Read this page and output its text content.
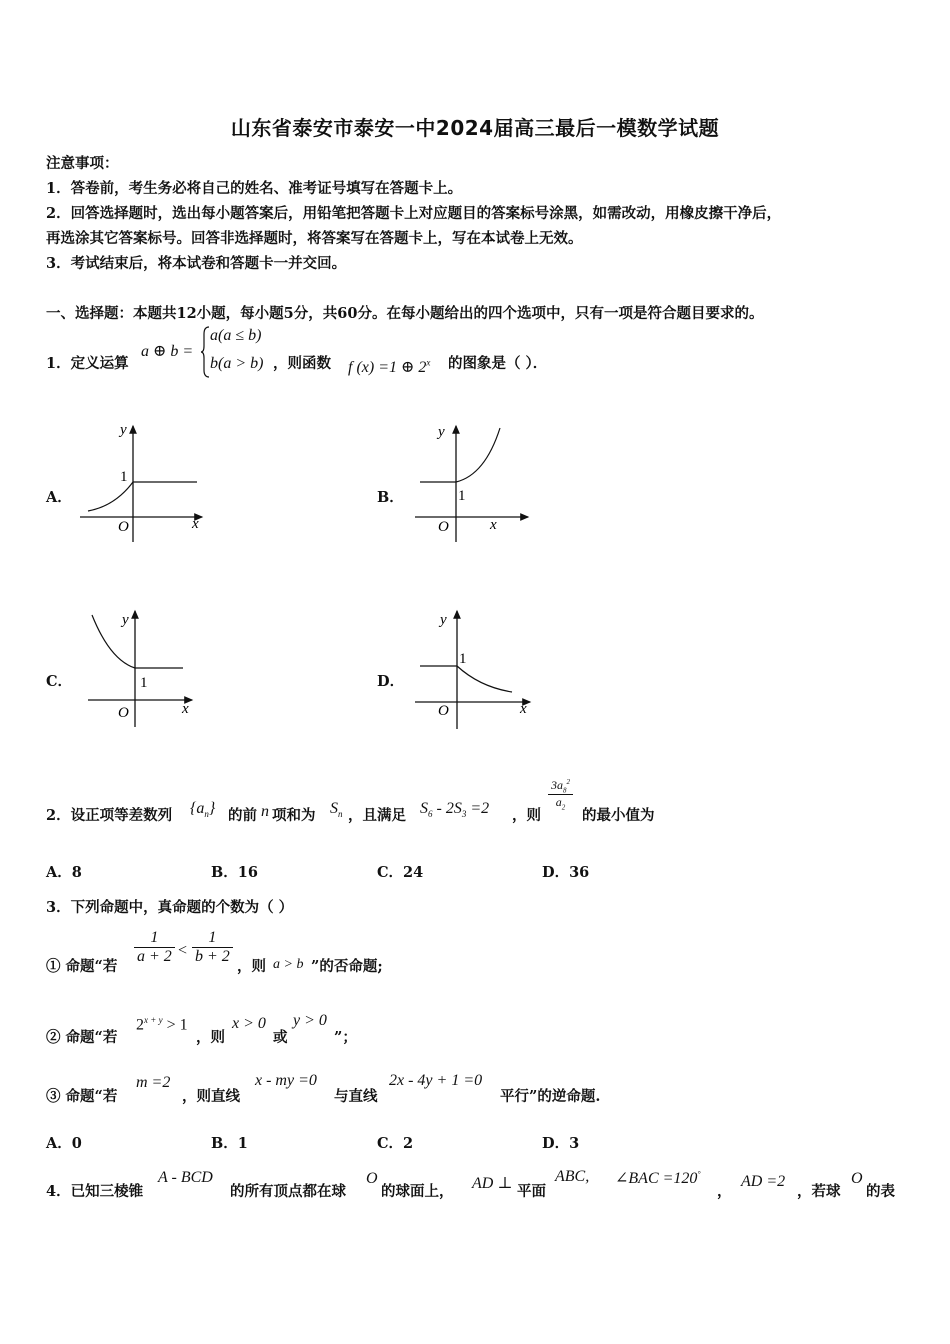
山东省泰安市泰安一中2024届高三最后一模数学试题
注意事项：
1．答卷前，考生务必将自己的姓名、准考证号填写在答题卡上。
2．回答选择题时，选出每小题答案后，用铅笔把答题卡上对应题目的答案标号涂黑，如需改动，用橡皮擦干净后，
再选涂其它答案标号。回答非选择题时，将答案写在答题卡上，写在本试卷上无效。
3．考试结束后，将本试卷和答题卡一并交回。
一、选择题：本题共12小题，每小题5分，共60分。在每小题给出的四个选项中，只有一项是符合题目要求的。
1．定义运算
a ⊕ b =
a(a ≤ b)
b(a > b) ，则函数 f (x) =1 ⊕ 2$^x$ 的图象是（ ）．
A．	B．
C．	D．
y
x
O
1
y
x
O
1
y
x
O
1
y
x
O
1
2．设正项等差数列 $\{a_n\}$ 的前 n 项和为 $S_n$ ，且满足 $S_6 - 2S_3 =2$ ，则
$\frac{3a_8^2}{a_2}$
的最小值为
A．8	B．16	C．24	D．36
3．下列命题中，真命题的个数为（ ）
① 命题“若
$\frac{1}{a + 2} < \frac{1}{b + 2}$
，则 a > b ”的否命题;
② 命题“若
$2^{x + y} > 1$
，则
x > 0
或
y > 0
”；
③ 命题“若
m =2
，则直线
x - my =0
与直线
2x - 4y + 1 =0
平行”的逆命题.
A．0	B．1	C．2	D．3
4．已知三棱锥
A - BCD
的所有顶点都在球
O
的球面上， AD ⊥ 平面
ABC, ∠BAC =120°
，
AD =2
，若球
O
的表
